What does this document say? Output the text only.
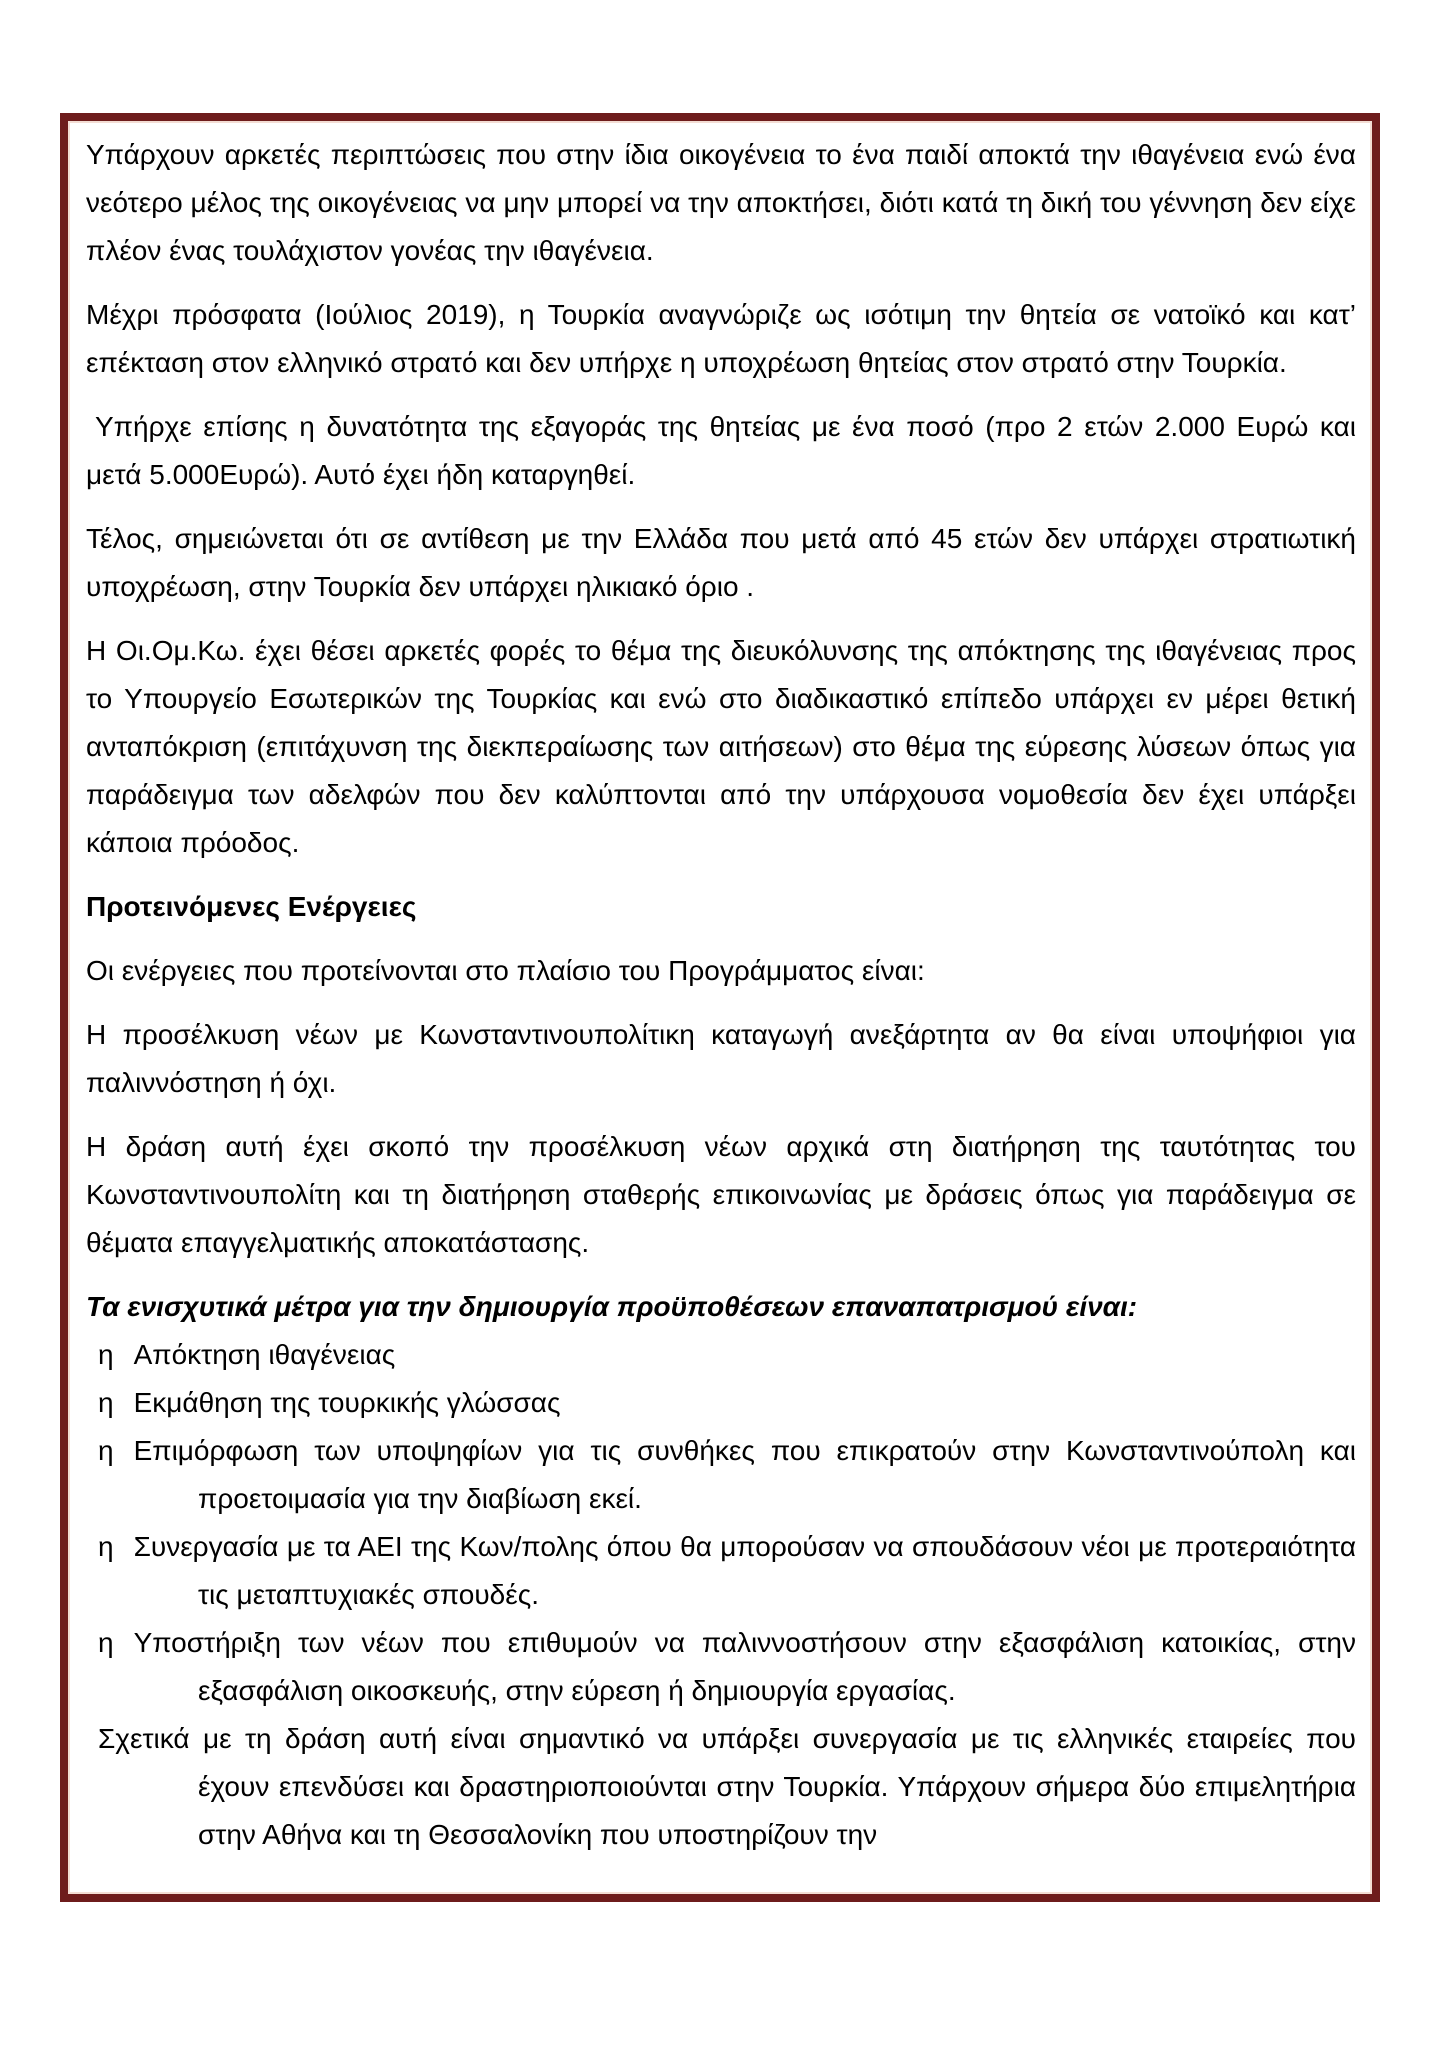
Υπάρχουν αρκετές περιπτώσεις που στην ίδια οικογένεια το ένα παιδί αποκτά την ιθαγένεια ενώ ένα νεότερο μέλος της οικογένειας να μην μπορεί να την αποκτήσει, διότι κατά τη δική του γέννηση δεν είχε πλέον ένας τουλάχιστον γονέας την ιθαγένεια.

Μέχρι πρόσφατα (Ιούλιος 2019), η Τουρκία αναγνώριζε ως ισότιμη την θητεία σε νατοϊκό και κατ’ επέκταση στον ελληνικό στρατό και δεν υπήρχε η υποχρέωση θητείας στον στρατό στην Τουρκία.

Υπήρχε επίσης η δυνατότητα της εξαγοράς της θητείας με ένα ποσό (προ 2 ετών 2.000 Ευρώ και μετά 5.000Ευρώ). Αυτό έχει ήδη καταργηθεί.

Τέλος, σημειώνεται ότι σε αντίθεση με την Ελλάδα που μετά από 45 ετών δεν υπάρχει στρατιωτική υποχρέωση, στην Τουρκία δεν υπάρχει ηλικιακό όριο .

Η Οι.Ομ.Κω. έχει θέσει αρκετές φορές το θέμα της διευκόλυνσης της απόκτησης της ιθαγένειας προς το Υπουργείο Εσωτερικών της Τουρκίας και ενώ στο διαδικαστικό επίπεδο υπάρχει εν μέρει θετική ανταπόκριση (επιτάχυνση της διεκπεραίωσης των αιτήσεων) στο θέμα της εύρεσης λύσεων όπως για παράδειγμα των αδελφών που δεν καλύπτονται από την υπάρχουσα νομοθεσία δεν έχει υπάρξει κάποια πρόοδος.

Προτεινόμενες Ενέργειες

Οι ενέργειες που προτείνονται στο πλαίσιο του Προγράμματος είναι:

Η προσέλκυση νέων με Κωνσταντινουπολίτικη καταγωγή ανεξάρτητα αν θα είναι υποψήφιοι για παλιννόστηση ή όχι.

Η δράση αυτή έχει σκοπό την προσέλκυση νέων αρχικά στη διατήρηση της ταυτότητας του Κωνσταντινουπολίτη και τη διατήρηση σταθερής επικοινωνίας με δράσεις όπως για παράδειγμα σε θέματα επαγγελματικής αποκατάστασης.

Τα ενισχυτικά μέτρα για την δημιουργία προϋποθέσεων επαναπατρισμού είναι:

η Απόκτηση ιθαγένειας
η Εκμάθηση της τουρκικής γλώσσας
η Επιμόρφωση των υποψηφίων για τις συνθήκες που επικρατούν στην Κωνσταντινούπολη και προετοιμασία για την διαβίωση εκεί.
η Συνεργασία με τα ΑΕΙ της Κων/πολης όπου θα μπορούσαν να σπουδάσουν νέοι με προτεραιότητα τις μεταπτυχιακές σπουδές.
η Υποστήριξη των νέων που επιθυμούν να παλιννοστήσουν στην εξασφάλιση κατοικίας, στην εξασφάλιση οικοσκευής, στην εύρεση ή δημιουργία εργασίας.
Σχετικά με τη δράση αυτή είναι σημαντικό να υπάρξει συνεργασία με τις ελληνικές εταιρείες που έχουν επενδύσει και δραστηριοποιούνται στην Τουρκία. Υπάρχουν σήμερα δύο επιμελητήρια στην Αθήνα και τη Θεσσαλονίκη που υποστηρίζουν την
